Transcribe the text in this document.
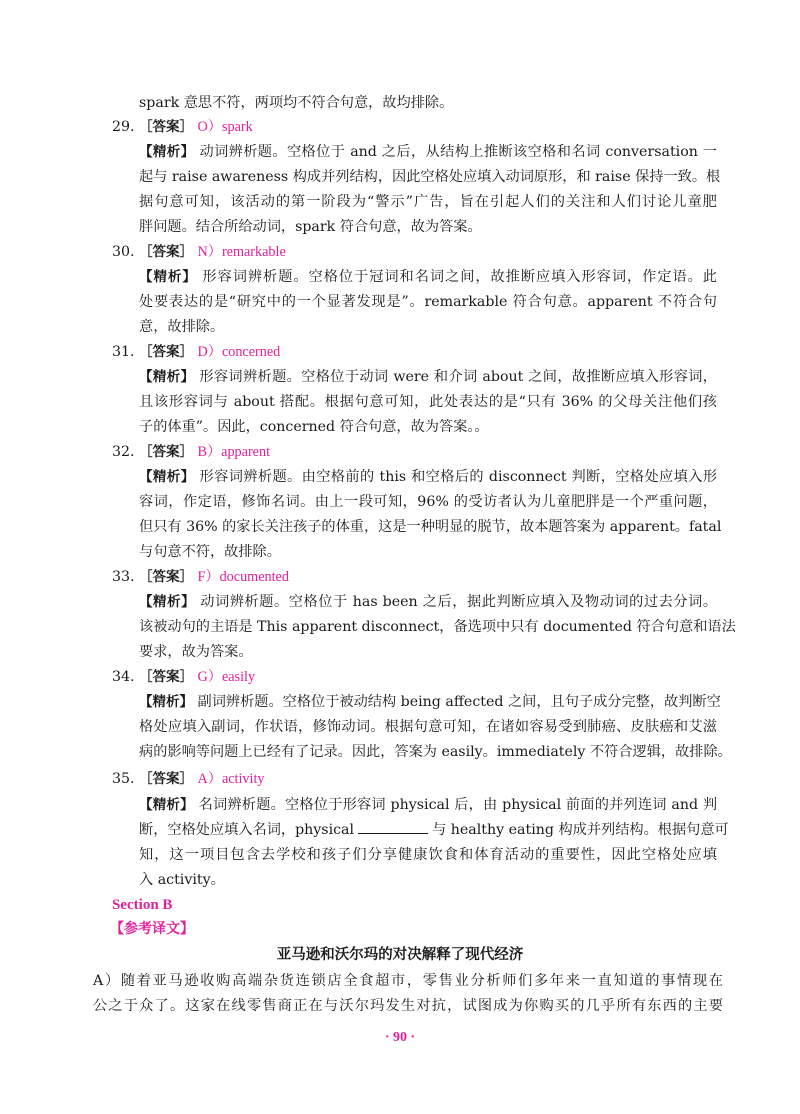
spark 意思不符，两项均不符合句意，故均排除。
29. ［答案］ O）spark
【精析】 动词辨析题。空格位于 and 之后，从结构上推断该空格和名词 conversation 一
起与 raise awareness 构成并列结构，因此空格处应填入动词原形，和 raise 保持一致。根
据句意可知，该活动的第一阶段为“警示”广告，旨在引起人们的关注和人们讨论儿童肥
胖问题。结合所给动词，spark 符合句意，故为答案。
30. ［答案］ N）remarkable
【精析】 形容词辨析题。空格位于冠词和名词之间，故推断应填入形容词，作定语。此
处要表达的是“研究中的一个显著发现是”。remarkable 符合句意。apparent 不符合句
意，故排除。
31. ［答案］ D）concerned
【精析】 形容词辨析题。空格位于动词 were 和介词 about 之间，故推断应填入形容词，
且该形容词与 about 搭配。根据句意可知，此处表达的是“只有 36% 的父母关注他们孩
子的体重”。因此，concerned 符合句意，故为答案。。
32. ［答案］ B）apparent
【精析】 形容词辨析题。由空格前的 this 和空格后的 disconnect 判断，空格处应填入形
容词，作定语，修饰名词。由上一段可知，96% 的受访者认为儿童肥胖是一个严重问题，
但只有 36% 的家长关注孩子的体重，这是一种明显的脱节，故本题答案为 apparent。fatal
与句意不符，故排除。
33. ［答案］ F）documented
【精析】 动词辨析题。空格位于 has been 之后，据此判断应填入及物动词的过去分词。
该被动句的主语是 This apparent disconnect，备选项中只有 documented 符合句意和语法
要求，故为答案。
34. ［答案］ G）easily
【精析】 副词辨析题。空格位于被动结构 being affected 之间，且句子成分完整，故判断空
格处应填入副词，作状语，修饰动词。根据句意可知，在诸如容易受到肺癌、皮肤癌和艾滋
病的影响等问题上已经有了记录。因此，答案为 easily。immediately 不符合逻辑，故排除。
35. ［答案］ A）activity
【精析】 名词辨析题。空格位于形容词 physical 后，由 physical 前面的并列连词 and 判
断，空格处应填入名词，physical	与 healthy eating 构成并列结构。根据句意可
知，这一项目包含去学校和孩子们分享健康饮食和体育活动的重要性，因此空格处应填
入 activity。
Section B
【参考译文】
亚马逊和沃尔玛的对决解释了现代经济
A）随着亚马逊收购高端杂货连锁店全食超市，零售业分析师们多年来一直知道的事情现在
公之于众了。这家在线零售商正在与沃尔玛发生对抗，试图成为你购买的几乎所有东西的主要
· 90 ·
